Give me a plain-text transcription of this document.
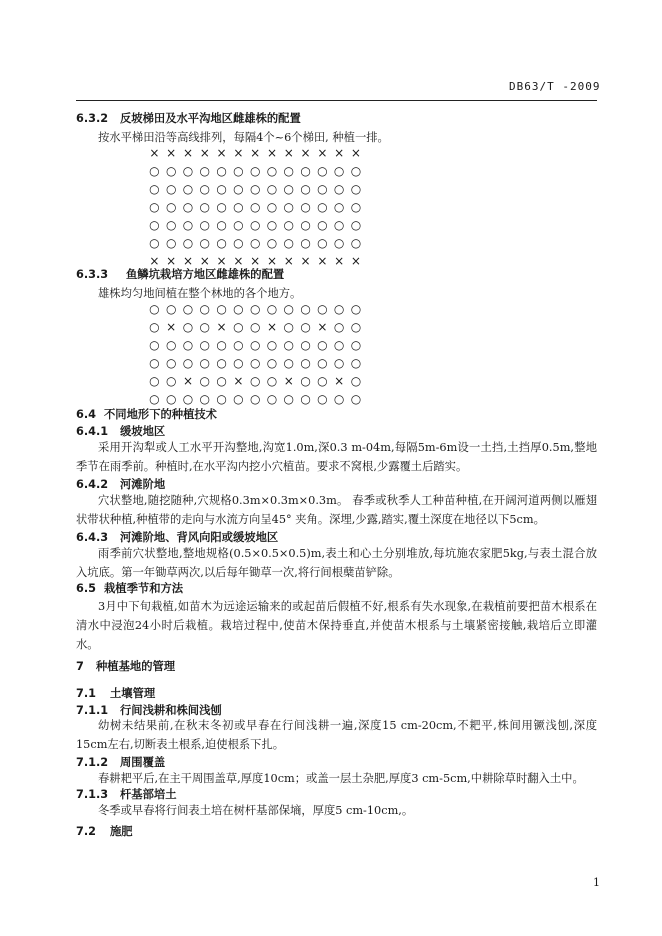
DB63/T -2009
6.3.2 反坡梯田及水平沟地区雌雄株的配置
按水平梯田沿等高线排列，每隔4个~6个梯田, 种植一排。
× × × × × × × × × × × × ×
○ ○ ○ ○ ○ ○ ○ ○ ○ ○ ○ ○ ○
○ ○ ○ ○ ○ ○ ○ ○ ○ ○ ○ ○ ○
○ ○ ○ ○ ○ ○ ○ ○ ○ ○ ○ ○ ○
○ ○ ○ ○ ○ ○ ○ ○ ○ ○ ○ ○ ○
○ ○ ○ ○ ○ ○ ○ ○ ○ ○ ○ ○ ○
× × × × × × × × × × × × ×
6.3.3 鱼鳞坑栽培方地区雌雄株的配置
雄株均匀地间植在整个林地的各个地方。
○ ○ ○ ○ ○ ○ ○ ○ ○ ○ ○ ○ ○
○ × ○ ○ × ○ ○ × ○ ○ × ○ ○
○ ○ ○ ○ ○ ○ ○ ○ ○ ○ ○ ○ ○
○ ○ ○ ○ ○ ○ ○ ○ ○ ○ ○ ○ ○
○ ○ × ○ ○ × ○ ○ × ○ ○ × ○
○ ○ ○ ○ ○ ○ ○ ○ ○ ○ ○ ○ ○
6.4 不同地形下的种植技术
6.4.1 缓坡地区
采用开沟犁或人工水平开沟整地,沟宽1.0m,深0.3 m-04m,每隔5m-6m设一土挡,土挡厚0.5m,整地季节在雨季前。种植时,在水平沟内挖小穴植苗。要求不窝根,少露覆土后踏实。
6.4.2 河滩阶地
穴状整地,随挖随种,穴规格0.3m×0.3m×0.3m。 春季或秋季人工种苗种植,在开阔河道两侧以雁翅状带状种植,种植带的走向与水流方向呈45° 夹角。深埋,少露,踏实,覆土深度在地径以下5cm。
6.4.3 河滩阶地、背风向阳或缓坡地区
雨季前穴状整地,整地规格(0.5×0.5×0.5)m,表土和心土分别堆放,每坑施农家肥5kg,与表土混合放入坑底。第一年锄草两次,以后每年锄草一次,将行间根蘖苗铲除。
6.5 栽植季节和方法
3月中下旬栽植,如苗木为远途运输来的或起苗后假植不好,根系有失水现象,在栽植前要把苗木根系在清水中浸泡24小时后栽植。栽培过程中,使苗木保持垂直,并使苗木根系与土壤紧密接触,栽培后立即灌水。
7 种植基地的管理
7.1 土壤管理
7.1.1 行间浅耕和株间浅刨
幼树未结果前,在秋末冬初或早春在行间浅耕一遍,深度15 cm-20cm,不耙平,株间用镢浅刨,深度15cm左右,切断表土根系,迫使根系下扎。
7.1.2 周围覆盖
春耕耙平后,在主干周围盖草,厚度10cm；或盖一层土杂肥,厚度3 cm-5cm,中耕除草时翻入土中。
7.1.3 杆基部培土
冬季或早春将行间表土培在树杆基部保墒，厚度5 cm-10cm,。
7.2 施肥
1
